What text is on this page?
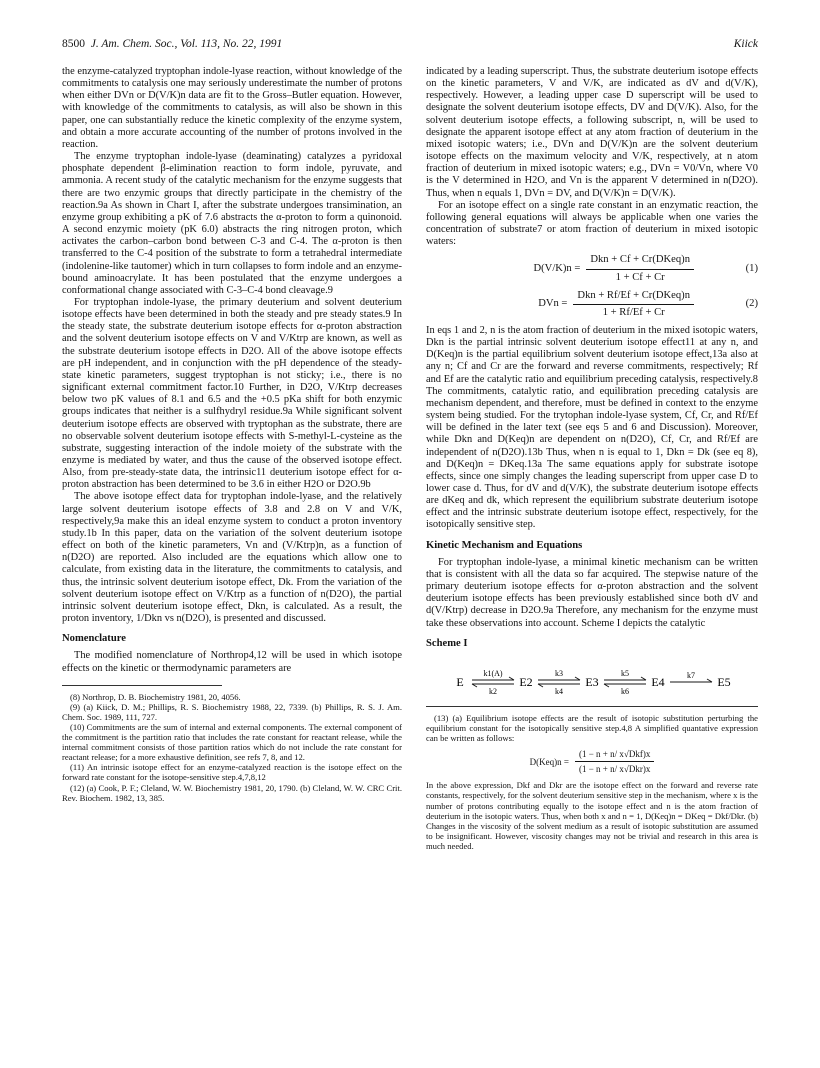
8500 J. Am. Chem. Soc., Vol. 113, No. 22, 1991	Kiick

the enzyme-catalyzed tryptophan indole-lyase reaction, without knowledge of the commitments to catalysis one may seriously underestimate the number of protons when either DVn or D(V/K)n data are fit to the Gross–Butler equation. However, with knowledge of the commitments to catalysis, as will also be shown in this paper, one can substantially reduce the kinetic complexity of the enzyme system, and obtain a more accurate accounting of the number of protons involved in the reaction.

The enzyme tryptophan indole-lyase (deaminating) catalyzes a pyridoxal phosphate dependent β-elimination reaction to form indole, pyruvate, and ammonia. A recent study of the catalytic mechanism for the enzyme suggests that there are two enzymic groups that directly participate in the chemistry of the reaction.9a As shown in Chart I, after the substrate undergoes transimination, an enzyme group exhibiting a pK of 7.6 abstracts the α-proton to form a quinonoid. A second enzymic moiety (pK 6.0) abstracts the ring nitrogen proton, which activates the carbon–carbon bond between C-3 and C-4. The α-proton is then transferred to the C-4 position of the substrate to form a tetrahedral intermediate (indolenine-like tautomer) which in turn collapses to form indole and an enzyme-bound aminoacrylate. It has been postulated that the enzyme undergoes a conformational change associated with C-3–C-4 bond cleavage.9

For tryptophan indole-lyase, the primary deuterium and solvent deuterium isotope effects have been determined in both the steady and pre steady states.9 In the steady state, the substrate deuterium isotope effects for α-proton abstraction and the solvent deuterium isotope effects on V and V/Ktrp are known, as well as the substrate deuterium isotope effects in D2O. All of the above isotope effects are pH independent, and in conjunction with the pH dependence of the steady-state kinetic parameters, suggest tryptophan is not sticky; i.e., there is no significant external commitment factor.10 Further, in D2O, V/Ktrp decreases below two pK values of 8.1 and 6.5 and the +0.5 pKa shift for both enzymic groups indicates that neither is a sulfhydryl residue.9a While significant solvent deuterium isotope effects are observed with tryptophan as the substrate, there are no observable solvent deuterium isotope effects with S-methyl-L-cysteine as the substrate, suggesting interaction of the indole moiety of the substrate with the enzyme is mediated by water, and thus the cause of the observed isotope effect. Also, from pre-steady-state data, the intrinsic11 deuterium isotope effect for α-proton abstraction has been determined to be 3.6 in either H2O or D2O.9b

The above isotope effect data for tryptophan indole-lyase, and the relatively large solvent deuterium isotope effects of 3.8 and 2.8 on V and V/K, respectively,9a make this an ideal enzyme system to conduct a proton inventory study.1b In this paper, data on the variation of the solvent deuterium isotope effect on both of the kinetic parameters, Vn and (V/Ktrp)n, as a function of n(D2O) are reported. Also included are the equations which allow one to calculate, from existing data in the literature, the commitments to catalysis, and thus, the intrinsic solvent deuterium isotope effect, Dk. From the variation of the solvent deuterium isotope effect on V/Ktrp as a function of n(D2O), the partial intrinsic solvent deuterium isotope effect, Dkn, is calculated. As a result, the proton inventory, 1/Dkn vs n(D2O), is presented and discussed.

Nomenclature

The modified nomenclature of Northrop4,12 will be used in which isotope effects on the kinetic or thermodynamic parameters are

(8) Northrop, D. B. Biochemistry 1981, 20, 4056.

(9) (a) Kiick, D. M.; Phillips, R. S. Biochemistry 1988, 22, 7339. (b) Phillips, R. S. J. Am. Chem. Soc. 1989, 111, 727.

(10) Commitments are the sum of internal and external components. The external component of the commitment is the partition ratio that includes the rate constant for reactant release, while the internal commitment consists of those partition ratios which do not include the rate constant for reactant release; for a more exhaustive definition, see refs 7, 8, and 12.

(11) An intrinsic isotope effect for an enzyme-catalyzed reaction is the isotope effect on the forward rate constant for the isotope-sensitive step.4,7,8,12

(12) (a) Cook, P. F.; Cleland, W. W. Biochemistry 1981, 20, 1790. (b) Cleland, W. W. CRC Crit. Rev. Biochem. 1982, 13, 385.

indicated by a leading superscript. Thus, the substrate deuterium isotope effects on the kinetic parameters, V and V/K, are indicated as dV and d(V/K), respectively. However, a leading upper case D superscript will be used to designate the solvent deuterium isotope effects, DV and D(V/K). Also, for the solvent deuterium isotope effects, a following subscript, n, will be used to designate the apparent isotope effect at any atom fraction of deuterium in the mixed isotopic waters; i.e., DVn and D(V/K)n are the solvent deuterium isotope effects on the maximum velocity and V/K, respectively, at n atom fraction of deuterium in mixed isotopic waters; e.g., DVn = V0/Vn, where V0 is the V determined in H2O, and Vn is the apparent V determined in n(D2O). Thus, when n equals 1, DVn = DV, and D(V/K)n = D(V/K).

For an isotope effect on a single rate constant in an enzymatic reaction, the following general equations will always be applicable when one varies the concentration of substrate7 or atom fraction of deuterium in mixed isotopic waters:

$D(V/K)n = \frac{\text{Dkn + Cf + Cr(DKeq)n}}{1 + Cf + Cr}$	(1)
DVn = $\frac{\text{Dkn + Rf/Ef + Cr(DKeq)n}}{1 + Rf/Ef + Cr}$	(2)

In eqs 1 and 2, n is the atom fraction of deuterium in the mixed isotopic waters, Dkn is the partial intrinsic solvent deuterium isotope effect11 at any n, and D(Keq)n is the partial equilibrium solvent deuterium isotope effect,13a also at any n; Cf and Cr are the forward and reverse commitments, respectively; Rf and Ef are the catalytic ratio and equilibrium preceding catalysis, respectively.8 The commitments, catalytic ratio, and equilibration preceding catalysis are mechanism dependent, and therefore, must be defined in context to the enzyme system being studied. For the trytophan indole-lyase system, Cf, Cr, and Rf/Ef will be defined in the later text (see eqs 5 and 6 and Discussion). Moreover, while Dkn and D(Keq)n are dependent on n(D2O), Cf, Cr, and Rf/Ef are independent of n(D2O).13b Thus, when n is equal to 1, Dkn = Dk (see eq 8), and D(Keq)n = DKeq.13a The same equations apply for substrate isotope effects, since one simply changes the leading superscript from upper case D to lower case d. Thus, for dV and d(V/K), the substrate deuterium isotope effects are dKeq and dk, which represent the equilibrium substrate deuterium isotope effect and the intrinsic substrate deuterium isotope effect, respectively, for the isotopically sensitive step.

Kinetic Mechanism and Equations

For tryptophan indole-lyase, a minimal kinetic mechanism can be written that is consistent with all the data so far acquired. The stepwise nature of the primary deuterium isotope effects for α-proton abstraction and the solvent deuterium isotope effects has been previously established since both dV and d(V/Ktrp) decrease in D2O.9a Therefore, any mechanism for the enzyme must take these observations into account. Scheme I depicts the catalytic

Scheme I
E	E2	E3	E4	E5
k1(A)
k2
k3
k4
k5
k6
k7

(13) (a) Equilibrium isotope effects are the result of isotopic substitution perturbing the equilibrium constant for the isotopically sensitive step.4,8 A simplified quantative expression can be written as follows:

$D(Keq)n = \frac{\text{(1 − n + n/ x√Dkf)x}}{\text{(1 − n + n/ x√Dkr)x}}$

In the above expression, Dkf and Dkr are the isotope effect on the forward and reverse rate constants, respectively, for the solvent deuterium sensitive step in the mechanism, where x is the number of protons contributing equally to the isotope effect and n is the atom fraction of deuterium in the isotopic waters. Thus, when both x and n = 1, D(Keq)n = DKeq = Dkf/Dkr. (b) Changes in the viscosity of the solvent medium as a result of isotopic substitution are assumed to be insignificant. However, viscosity changes may not be trivial and research in this area is much needed.
